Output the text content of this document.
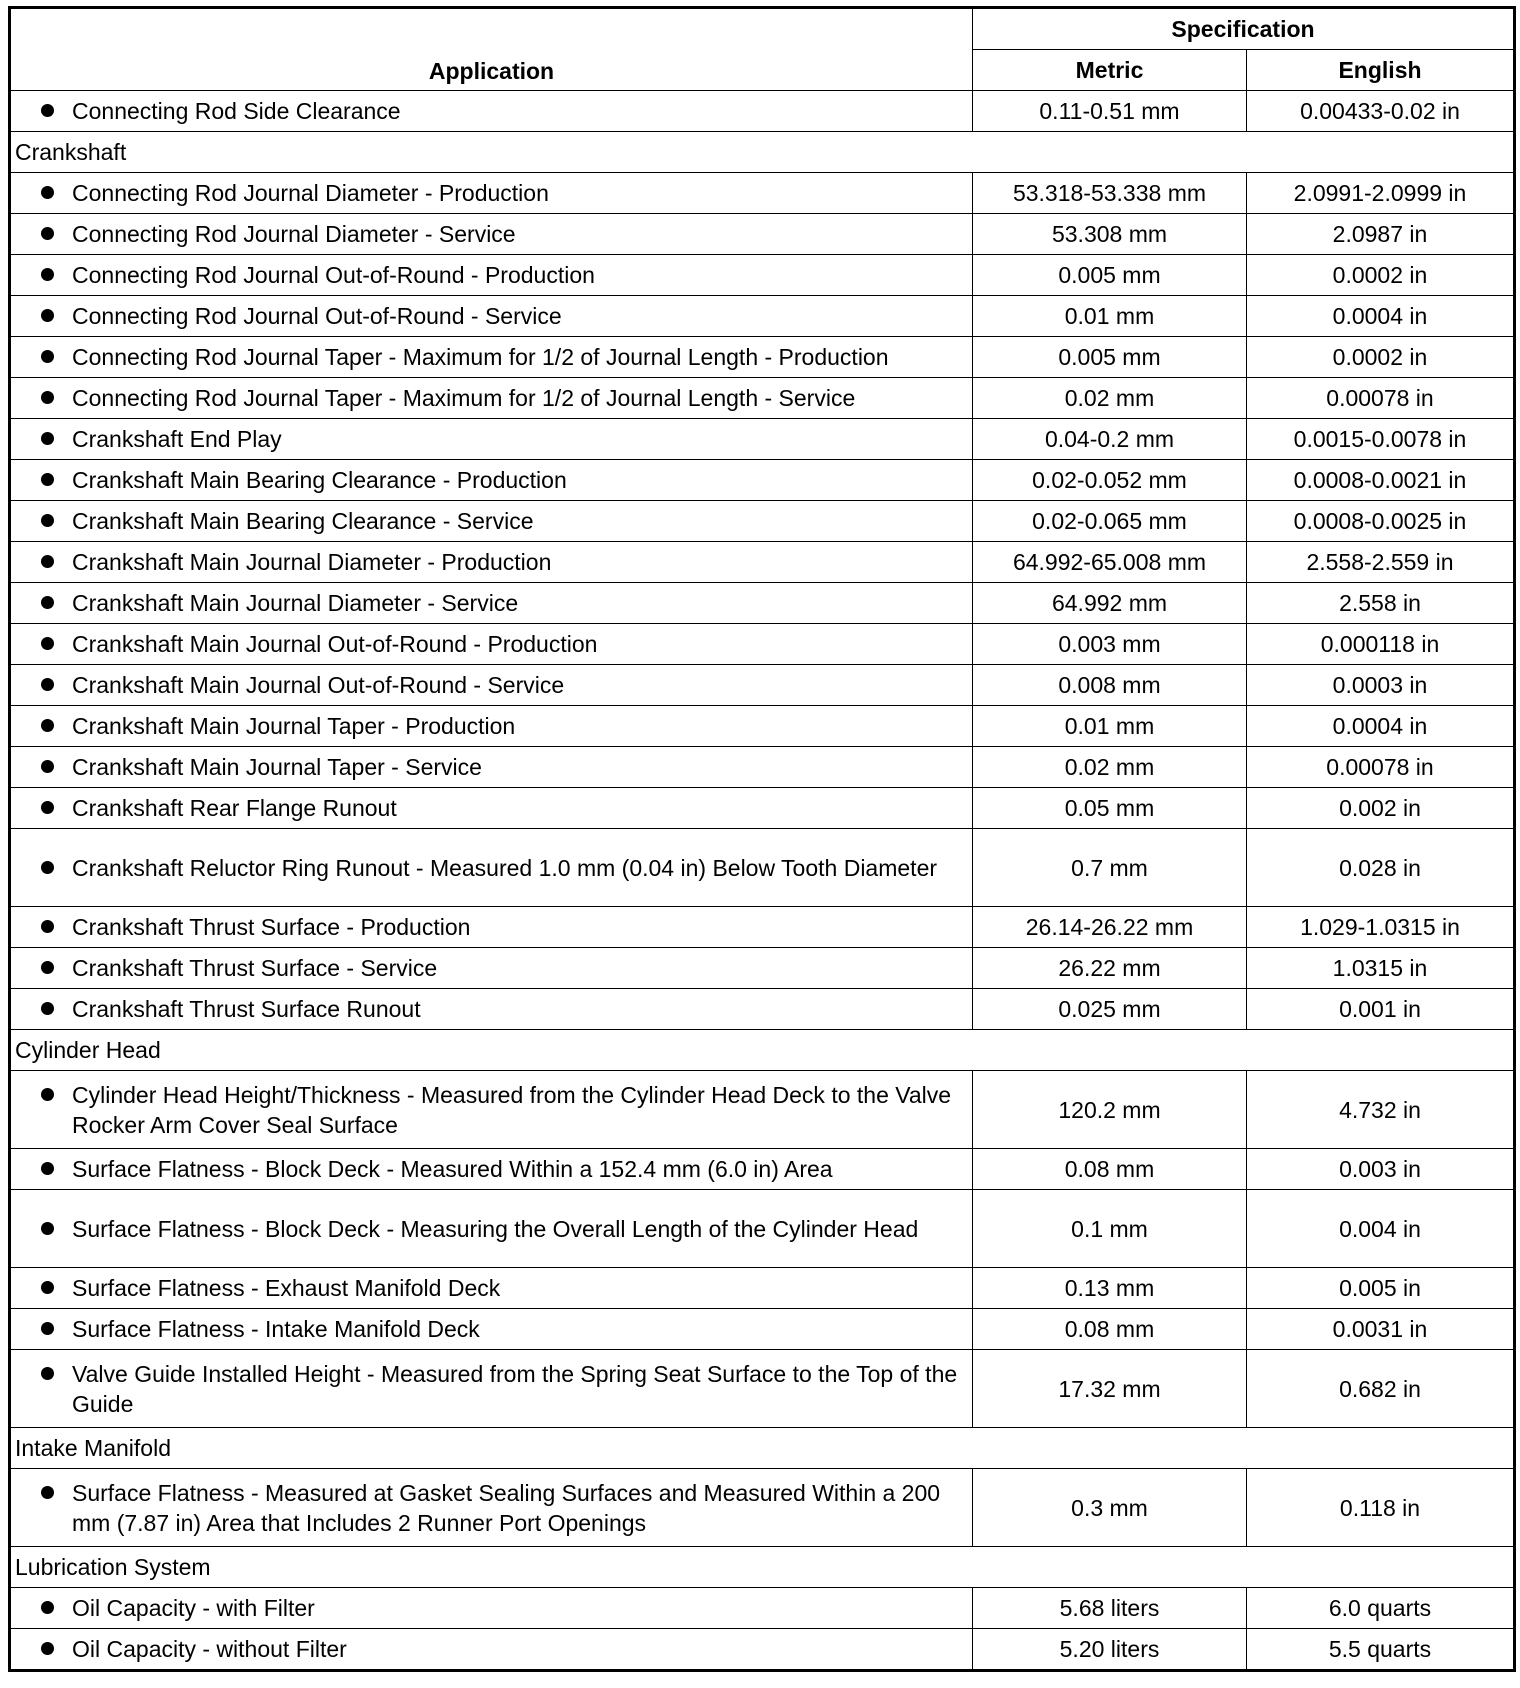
Application	Specification	
	Metric	English

Connecting Rod Side Clearance	0.11-0.51 mm	0.00433-0.02 in
Crankshaft		

Connecting Rod Journal Diameter - Production	53.318-53.338 mm	2.0991-2.0999 in

Connecting Rod Journal Diameter - Service	53.308 mm	2.0987 in

Connecting Rod Journal Out-of-Round - Production	0.005 mm	0.0002 in

Connecting Rod Journal Out-of-Round - Service	0.01 mm	0.0004 in

Connecting Rod Journal Taper - Maximum for 1/2 of Journal Length - Production	0.005 mm	0.0002 in

Connecting Rod Journal Taper - Maximum for 1/2 of Journal Length - Service	0.02 mm	0.00078 in

Crankshaft End Play	0.04-0.2 mm	0.0015-0.0078 in

Crankshaft Main Bearing Clearance - Production	0.02-0.052 mm	0.0008-0.0021 in

Crankshaft Main Bearing Clearance - Service	0.02-0.065 mm	0.0008-0.0025 in

Crankshaft Main Journal Diameter - Production	64.992-65.008 mm	2.558-2.559 in

Crankshaft Main Journal Diameter - Service	64.992 mm	2.558 in

Crankshaft Main Journal Out-of-Round - Production	0.003 mm	0.000118 in

Crankshaft Main Journal Out-of-Round - Service	0.008 mm	0.0003 in

Crankshaft Main Journal Taper - Production	0.01 mm	0.0004 in

Crankshaft Main Journal Taper - Service	0.02 mm	0.00078 in

Crankshaft Rear Flange Runout	0.05 mm	0.002 in

Crankshaft Reluctor Ring Runout - Measured 1.0 mm (0.04 in) Below Tooth Diameter	0.7 mm	0.028 in

Crankshaft Thrust Surface - Production	26.14-26.22 mm	1.029-1.0315 in

Crankshaft Thrust Surface - Service	26.22 mm	1.0315 in

Crankshaft Thrust Surface Runout	0.025 mm	0.001 in
Cylinder Head		

Cylinder Head Height/Thickness - Measured from the Cylinder Head Deck to the Valve Rocker Arm Cover Seal Surface	120.2 mm	4.732 in

Surface Flatness - Block Deck - Measured Within a 152.4 mm (6.0 in) Area	0.08 mm	0.003 in

Surface Flatness - Block Deck - Measuring the Overall Length of the Cylinder Head	0.1 mm	0.004 in

Surface Flatness - Exhaust Manifold Deck	0.13 mm	0.005 in

Surface Flatness - Intake Manifold Deck	0.08 mm	0.0031 in

Valve Guide Installed Height - Measured from the Spring Seat Surface to the Top of the Guide	17.32 mm	0.682 in
Intake Manifold		

Surface Flatness - Measured at Gasket Sealing Surfaces and Measured Within a 200 mm (7.87 in) Area that Includes 2 Runner Port Openings	0.3 mm	0.118 in
Lubrication System		

Oil Capacity - with Filter	5.68 liters	6.0 quarts

Oil Capacity - without Filter	5.20 liters	5.5 quarts
